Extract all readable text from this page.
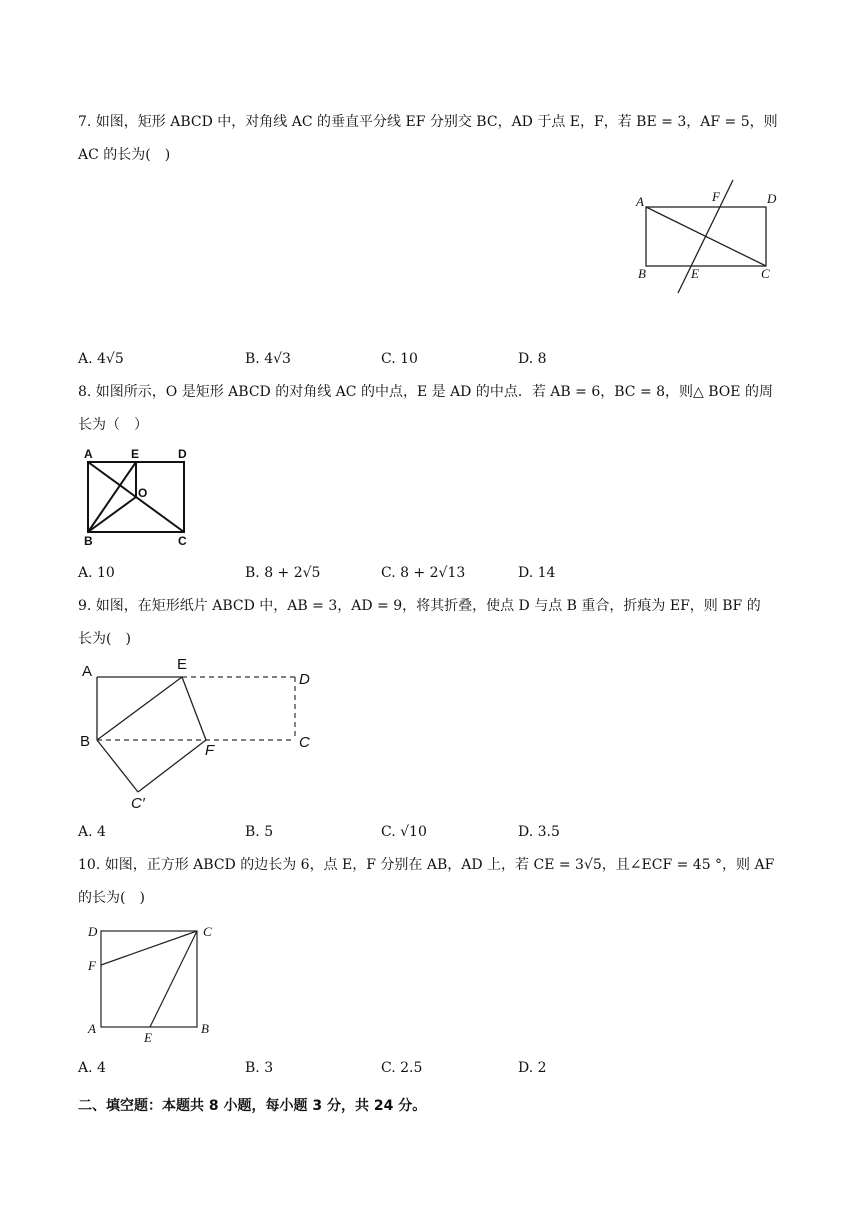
7. 如图，矩形 ABCD 中，对角线 AC 的垂直平分线 EF 分别交 BC，AD 于点 E，F，若 BE = 3，AF = 5，则
AC 的长为(　)
A	F	D
B	E	C
A. 4√5	B. 4√3	C. 10	D. 8
8. 如图所示，O 是矩形 ABCD 的对角线 AC 的中点，E 是 AD 的中点．若 AB = 6，BC = 8，则△ BOE 的周
长为（　）
A	E	D
O
B	C
A. 10	B. 8 + 2√5	C. 8 + 2√13	D. 14
9. 如图，在矩形纸片 ABCD 中，AB = 3，AD = 9，将其折叠，使点 D 与点 B 重合，折痕为 EF，则 BF 的
长为(　)
A	E
D
B
F	C
C′
A. 4	B. 5	C. √10	D. 3.5
10. 如图，正方形 ABCD 的边长为 6，点 E，F 分别在 AB，AD 上，若 CE = 3√5，且∠ECF = 45 °，则 AF
的长为(　)
D	C
F
A
E
B
A. 4	B. 3	C. 2.5	D. 2
二、填空题：本题共 8 小题，每小题 3 分，共 24 分。
